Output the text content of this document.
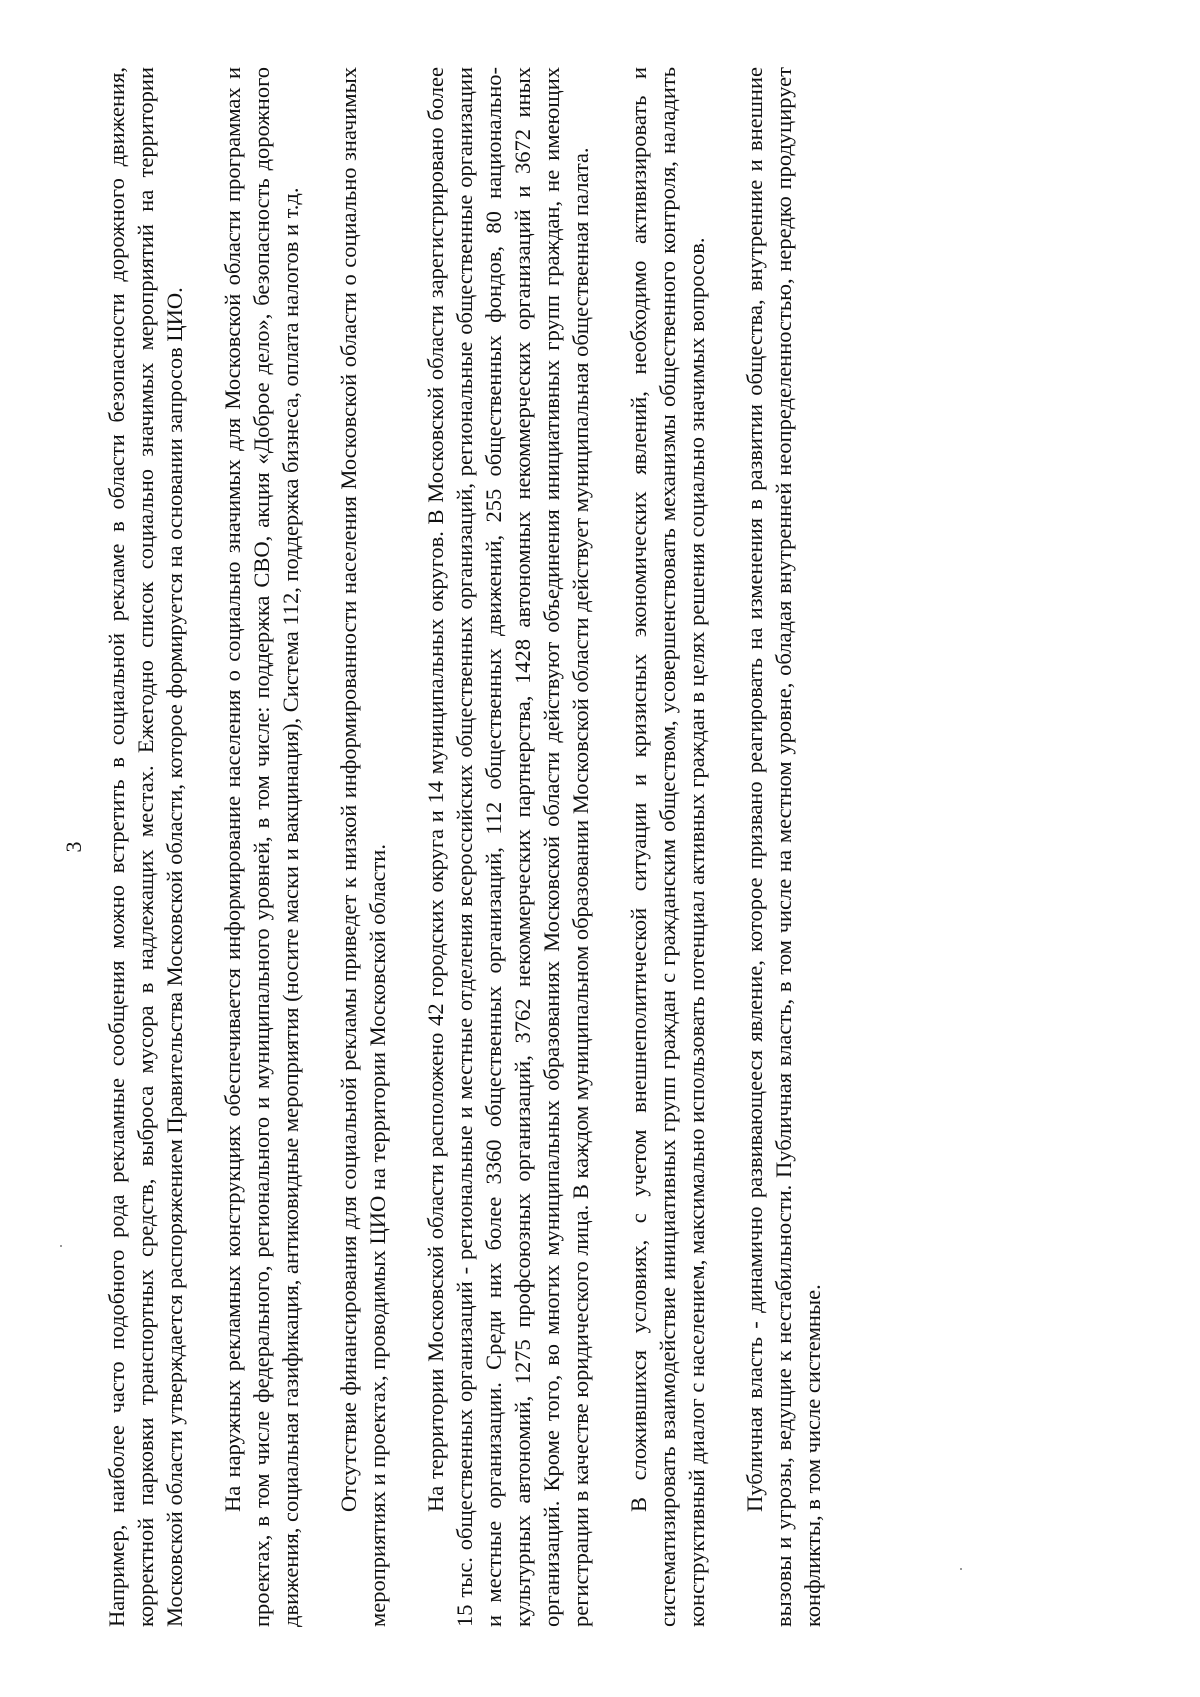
3 Например, наиболее часто подобного рода рекламные сообщения можно встретить в социальной рекламе в области безопасности дорожного движения, корректной парковки транспортных средств, выброса мусора в надлежащих местах. Ежегодно список социально значимых мероприятий на территории Московской области утверждается распоряжением Правительства Московской области, которое формируется на основании запросов ЦИО. На наружных рекламных конструкциях обеспечивается информирование населения о социально значимых для Московской области программах и проектах, в том числе федерального, регионального и муниципального уровней, в том числе: поддержка СВО, акция «Доброе дело», безопасность дорожного движения, социальная газификация, антиковидные мероприятия (носите маски и вакцинация), Система 112, поддержка бизнеса, оплата налогов и т.д. Отсутствие финансирования для социальной рекламы приведет к низкой информированности населения Московской области о социально значимых мероприятиях и проектах, проводимых ЦИО на территории Московской области. На территории Московской области расположено 42 городских округа и 14 муниципальных округов. В Московской области зарегистрировано более 15 тыс. общественных организаций - региональные и местные отделения всероссийских общественных организаций, региональные общественные организации и местные организации. Среди них более 3360 общественных организаций, 112 общественных движений, 255 общественных фондов, 80 национально-культурных автономий, 1275 профсоюзных организаций, 3762 некоммерческих партнерства, 1428 автономных некоммерческих организаций и 3672 иных организаций. Кроме того, во многих муниципальных образованиях Московской области действуют объединения инициативных групп граждан, не имеющих регистрации в качестве юридического лица. В каждом муниципальном образовании Московской области действует муниципальная общественная палата. В сложившихся условиях, с учетом внешнеполитической ситуации и кризисных экономических явлений, необходимо активизировать и систематизировать взаимодействие инициативных групп граждан с гражданским обществом, усовершенствовать механизмы общественного контроля, наладить конструктивный диалог с населением, максимально использовать потенциал активных граждан в целях решения социально значимых вопросов. Публичная власть - динамично развивающееся явление, которое призвано реагировать на изменения в развитии общества, внутренние и внешние вызовы и угрозы, ведущие к нестабильности. Публичная власть, в том числе на местном уровне, обладая внутренней неопределенностью, нередко продуцирует конфликты, в том числе системные.
